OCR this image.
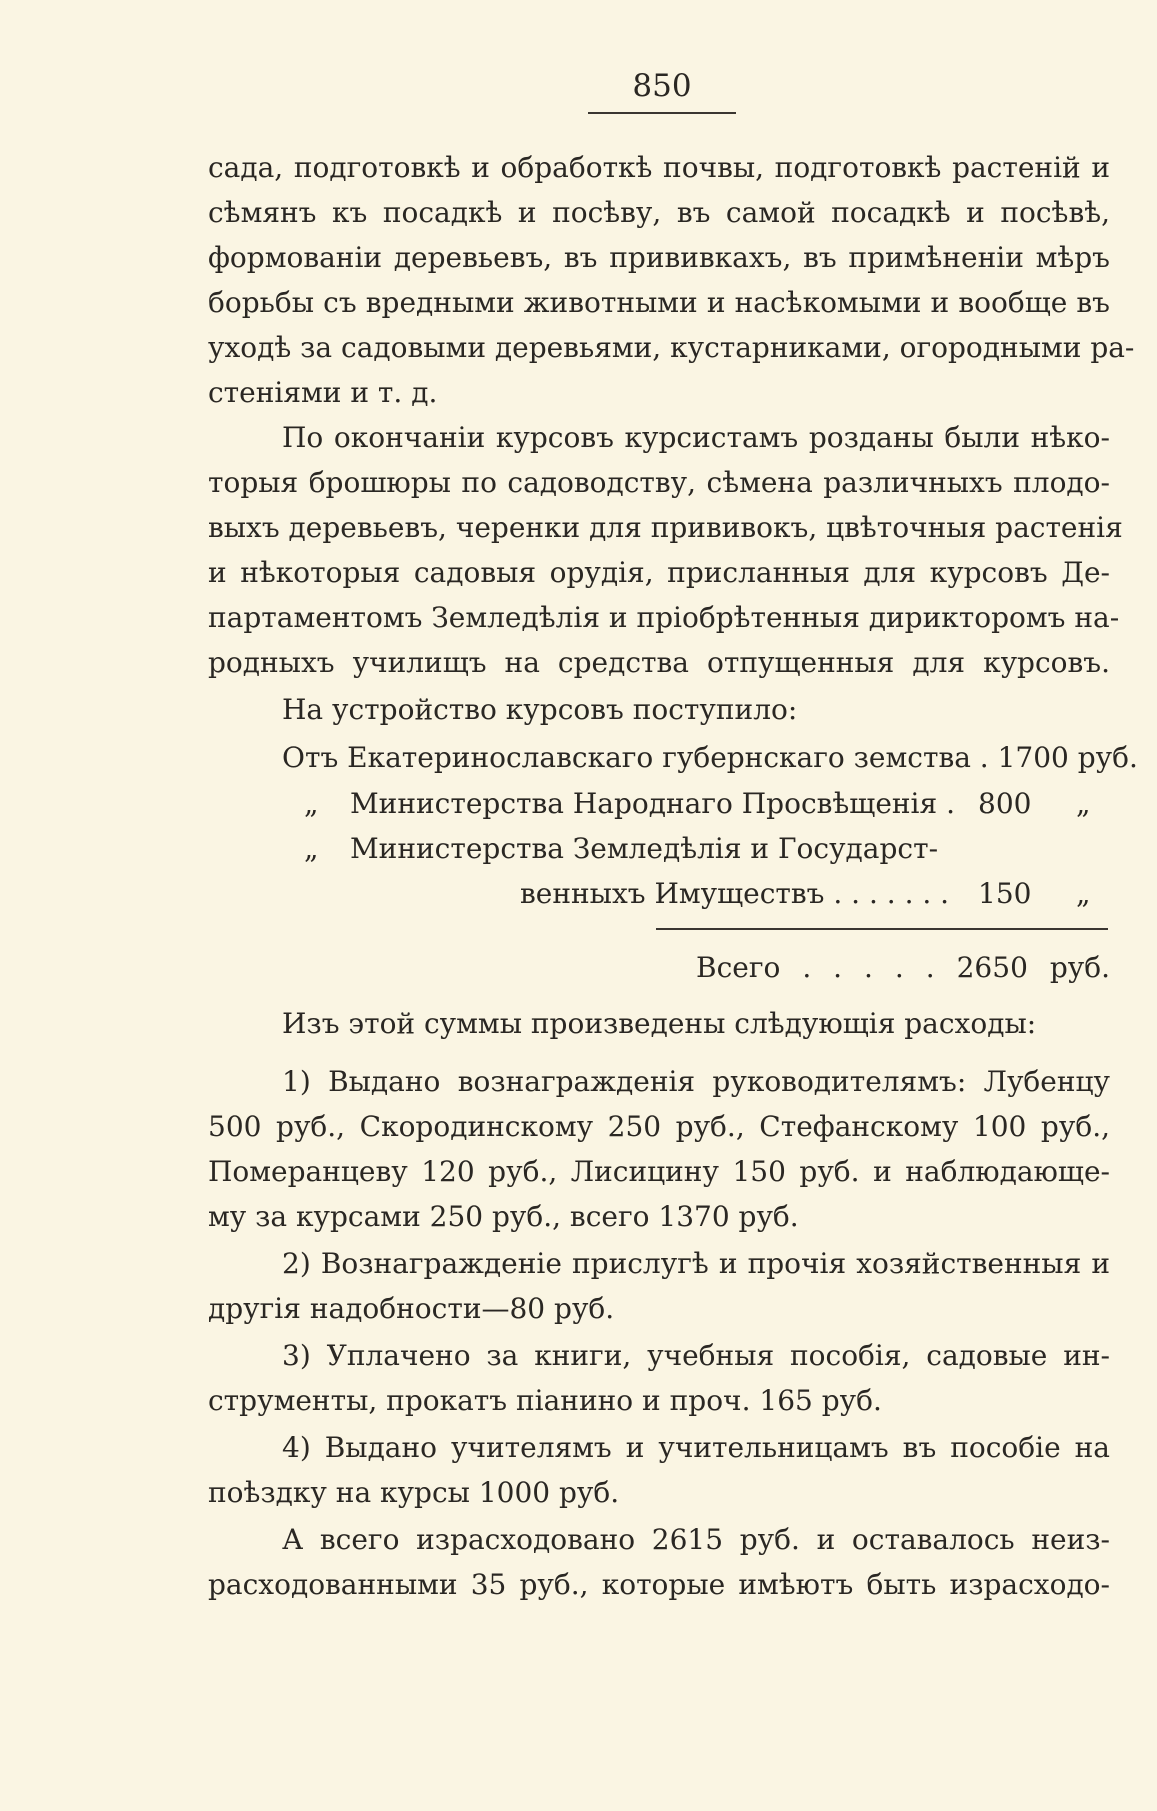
850
сада, подготовкѣ и обработкѣ почвы, подготовкѣ растеній и
сѣмянъ къ посадкѣ и посѣву, въ самой посадкѣ и посѣвѣ,
формованіи деревьевъ, въ прививкахъ, въ примѣненіи мѣръ
борьбы съ вредными животными и насѣкомыми и вообще въ
уходѣ за садовыми деревьями, кустарниками, огородными ра-
стеніями и т. д.
По окончаніи курсовъ курсистамъ розданы были нѣко-
торыя брошюры по садоводству, сѣмена различныхъ плодо-
выхъ деревьевъ, черенки для прививокъ, цвѣточныя растенія
и нѣкоторыя садовыя орудія, присланныя для курсовъ Де-
партаментомъ Земледѣлія и пріобрѣтенныя дирикторомъ на-
родныхъ училищъ на средства отпущенныя для курсовъ.
На устройство курсовъ поступило:
Отъ Екатеринославскаго губернскаго земства . 1700 руб.
„ Министерства Народнаго Просвѣщенія . 800 „
„ Министерства Земледѣлія и Государст-
венныхъ Имуществъ . . . . . . . 150 „
Всего . . . . . 2650 руб.
Изъ этой суммы произведены слѣдующія расходы:
1) Выдано вознагражденія руководителямъ: Лубенцу
500 руб., Скородинскому 250 руб., Стефанскому 100 руб.,
Померанцеву 120 руб., Лисицину 150 руб. и наблюдающе-
му за курсами 250 руб., всего 1370 руб.
2) Вознагражденіе прислугѣ и прочія хозяйственныя и
другія надобности—80 руб.
3) Уплачено за книги, учебныя пособія, садовые ин-
струменты, прокатъ піанино и проч. 165 руб.
4) Выдано учителямъ и учительницамъ въ пособіе на
поѣздку на курсы 1000 руб.
А всего израсходовано 2615 руб. и оставалось неиз-
расходованными 35 руб., которые имѣютъ быть израсходо-
